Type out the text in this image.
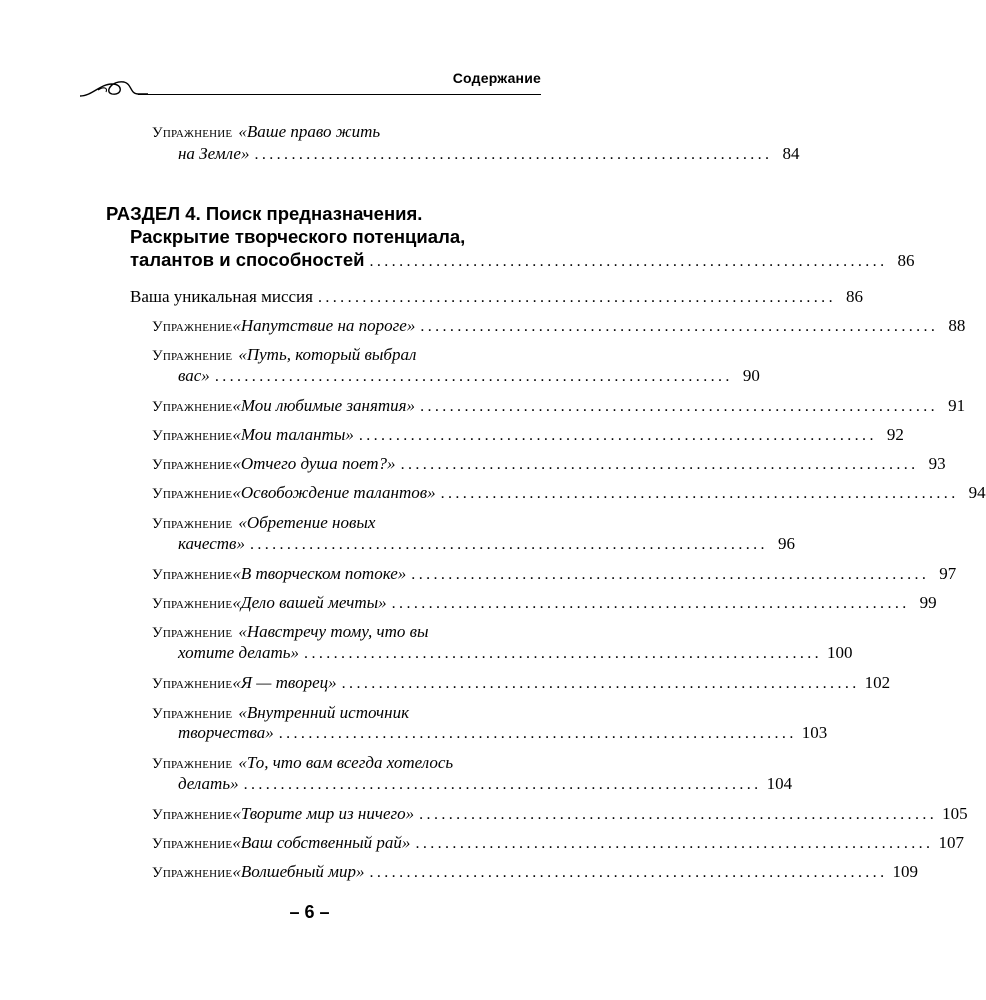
Содержание
Упражнение «Ваше право жить
на Земле» ...................................................................... 84
РАЗДЕЛ 4. Поиск предназначения.
Раскрытие творческого потенциала,
талантов и способностей ...................................................................... 86
Ваша уникальная миссия ...................................................................... 86
Упражнение «Напутствие на пороге» ...................................................................... 88
Упражнение «Путь, который выбрал
вас» ...................................................................... 90
Упражнение «Мои любимые занятия» ...................................................................... 91
Упражнение «Мои таланты» ...................................................................... 92
Упражнение «Отчего душа поет?» ...................................................................... 93
Упражнение «Освобождение талантов» ...................................................................... 94
Упражнение «Обретение новых
качеств» ...................................................................... 96
Упражнение «В творческом потоке» ...................................................................... 97
Упражнение «Дело вашей мечты» ...................................................................... 99
Упражнение «Навстречу тому, что вы
хотите делать» ...................................................................... 100
Упражнение «Я — творец» ...................................................................... 102
Упражнение «Внутренний источник
творчества» ...................................................................... 103
Упражнение «То, что вам всегда хотелось
делать» ...................................................................... 104
Упражнение «Творите мир из ничего» ...................................................................... 105
Упражнение «Ваш собственный рай» ...................................................................... 107
Упражнение «Волшебный мир» ...................................................................... 109
– 6 –
